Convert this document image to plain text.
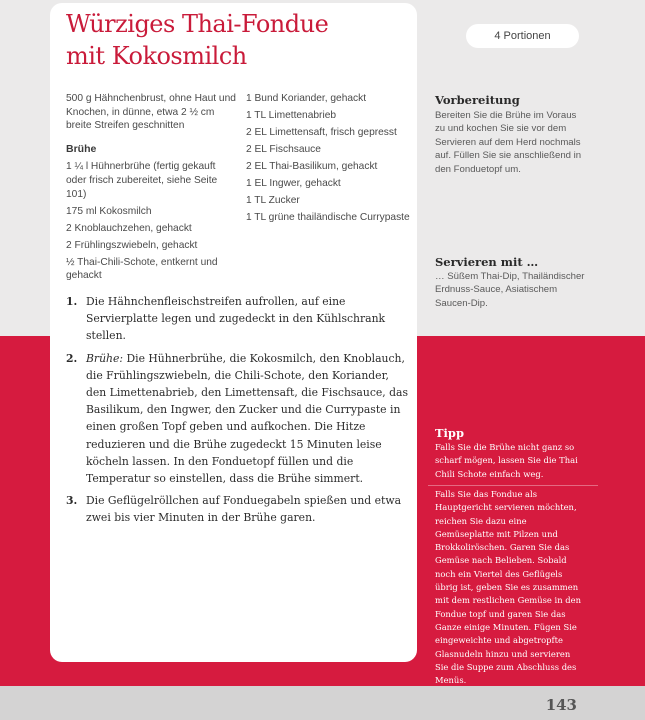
143
Würziges Thai-Fondue
mit Kokosmilch

500 g Hähnchenbrust, ohne Haut und Knochen, in dünne, etwa 2 ½ cm breite Streifen geschnitten

Brühe

1 ¼ l Hühnerbrühe (fertig gekauft oder frisch zubereitet, siehe Seite 101)

175 ml Kokosmilch

2 Knoblauchzehen, gehackt

2 Frühlingszwiebeln, gehackt

½ Thai-Chili-Schote, entkernt und gehackt

1 Bund Koriander, gehackt

1 TL Limettenabrieb

2 EL Limettensaft, frisch gepresst

2 EL Fischsauce

2 EL Thai-Basilikum, gehackt

1 EL Ingwer, gehackt

1 TL Zucker

1 TL grüne thailändische Currypaste

1. Die Hähnchenfleischstreifen aufrollen, auf eine Servierplatte legen und zugedeckt in den Kühlschrank stellen.
2. Brühe: Die Hühnerbrühe, die Kokosmilch, den Knoblauch, die Frühlingszwiebeln, die Chili-Schote, den Koriander, den Limettenabrieb, den Limettensaft, die Fischsauce, das Basilikum, den Ingwer, den Zucker und die Currypaste in einen großen Topf geben und aufkochen. Die Hitze reduzieren und die Brühe zugedeckt 15 Minuten leise köcheln lassen. In den Fonduetopf füllen und die Temperatur so einstellen, dass die Brühe simmert.
3. Die Geflügelröllchen auf Fonduegabeln spießen und etwa zwei bis vier Minuten in der Brühe garen.
4 Portionen
Vorbereitung

Bereiten Sie die Brühe im Voraus zu und kochen Sie sie vor dem Servieren auf dem Herd nochmals auf. Füllen Sie sie anschließend in den Fonduetopf um.

Servieren mit …

… Süßem Thai-Dip, Thailändischer Erdnuss-Sauce, Asiatischem Saucen-Dip.

Tipp

Falls Sie die Brühe nicht ganz so scharf mögen, lassen Sie die Thai Chili Schote einfach weg.

Falls Sie das Fondue als Hauptgericht servieren möchten, reichen Sie dazu eine Gemüseplatte mit Pilzen und Brokkoliröschen. Garen Sie das Gemüse nach Belieben. Sobald noch ein Viertel des Geflügels übrig ist, geben Sie es zusammen mit dem restlichen Gemüse in den Fondue topf und garen Sie das Ganze einige Minuten. Fügen Sie eingeweichte und abgetropfte Glasnudeln hinzu und servieren Sie die Suppe zum Abschluss des Menüs.
